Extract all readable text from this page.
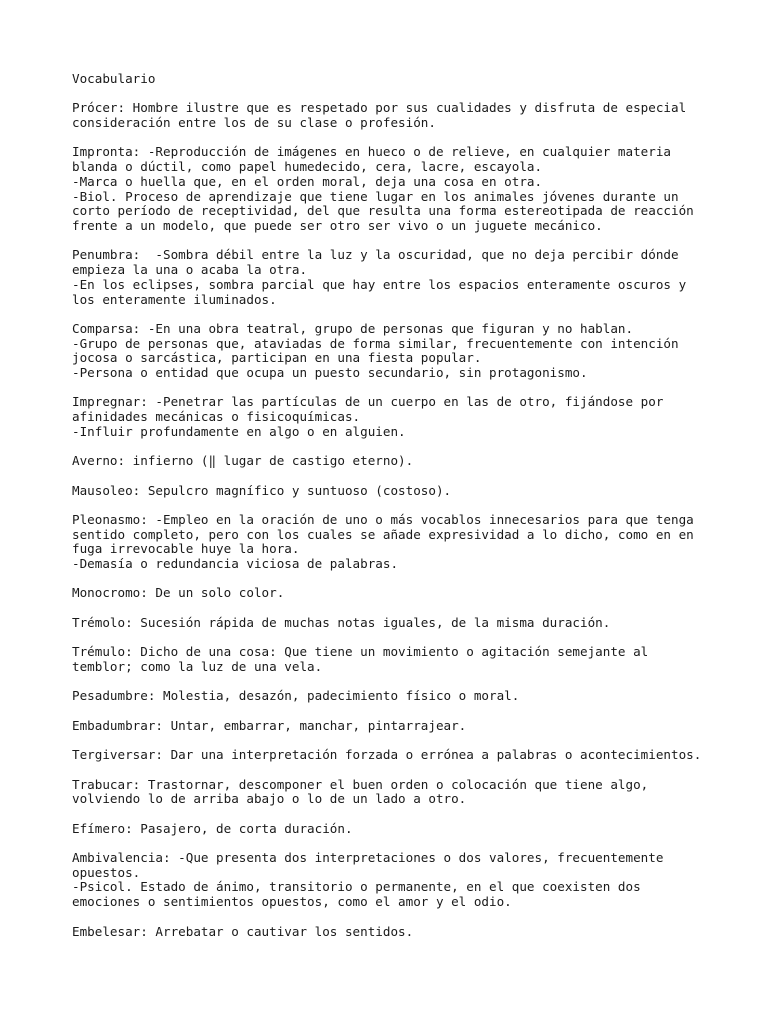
Vocabulario
Prócer: Hombre ilustre que es respetado por sus cualidades y disfruta de especial
consideración entre los de su clase o profesión.
Impronta: -Reproducción de imágenes en hueco o de relieve, en cualquier materia
blanda o dúctil, como papel humedecido, cera, lacre, escayola.
-Marca o huella que, en el orden moral, deja una cosa en otra.
-Biol. Proceso de aprendizaje que tiene lugar en los animales jóvenes durante un
corto período de receptividad, del que resulta una forma estereotipada de reacción
frente a un modelo, que puede ser otro ser vivo o un juguete mecánico.
Penumbra:  -Sombra débil entre la luz y la oscuridad, que no deja percibir dónde
empieza la una o acaba la otra.
-En los eclipses, sombra parcial que hay entre los espacios enteramente oscuros y
los enteramente iluminados.
Comparsa: -En una obra teatral, grupo de personas que figuran y no hablan.
-Grupo de personas que, ataviadas de forma similar, frecuentemente con intención
jocosa o sarcástica, participan en una fiesta popular.
-Persona o entidad que ocupa un puesto secundario, sin protagonismo.
Impregnar: -Penetrar las partículas de un cuerpo en las de otro, fijándose por
afinidades mecánicas o fisicoquímicas.
-Influir profundamente en algo o en alguien.
Averno: infierno (‖ lugar de castigo eterno).
Mausoleo: Sepulcro magnífico y suntuoso (costoso).
Pleonasmo: -Empleo en la oración de uno o más vocablos innecesarios para que tenga
sentido completo, pero con los cuales se añade expresividad a lo dicho, como en en
fuga irrevocable huye la hora.
-Demasía o redundancia viciosa de palabras.
Monocromo: De un solo color.
Trémolo: Sucesión rápida de muchas notas iguales, de la misma duración.
Trémulo: Dicho de una cosa: Que tiene un movimiento o agitación semejante al
temblor; como la luz de una vela.
Pesadumbre: Molestia, desazón, padecimiento físico o moral.
Embadumbrar: Untar, embarrar, manchar, pintarrajear.
Tergiversar: Dar una interpretación forzada o errónea a palabras o acontecimientos.
Trabucar: Trastornar, descomponer el buen orden o colocación que tiene algo,
volviendo lo de arriba abajo o lo de un lado a otro.
Efímero: Pasajero, de corta duración.
Ambivalencia: -Que presenta dos interpretaciones o dos valores, frecuentemente
opuestos.
-Psicol. Estado de ánimo, transitorio o permanente, en el que coexisten dos
emociones o sentimientos opuestos, como el amor y el odio.
Embelesar: Arrebatar o cautivar los sentidos.
